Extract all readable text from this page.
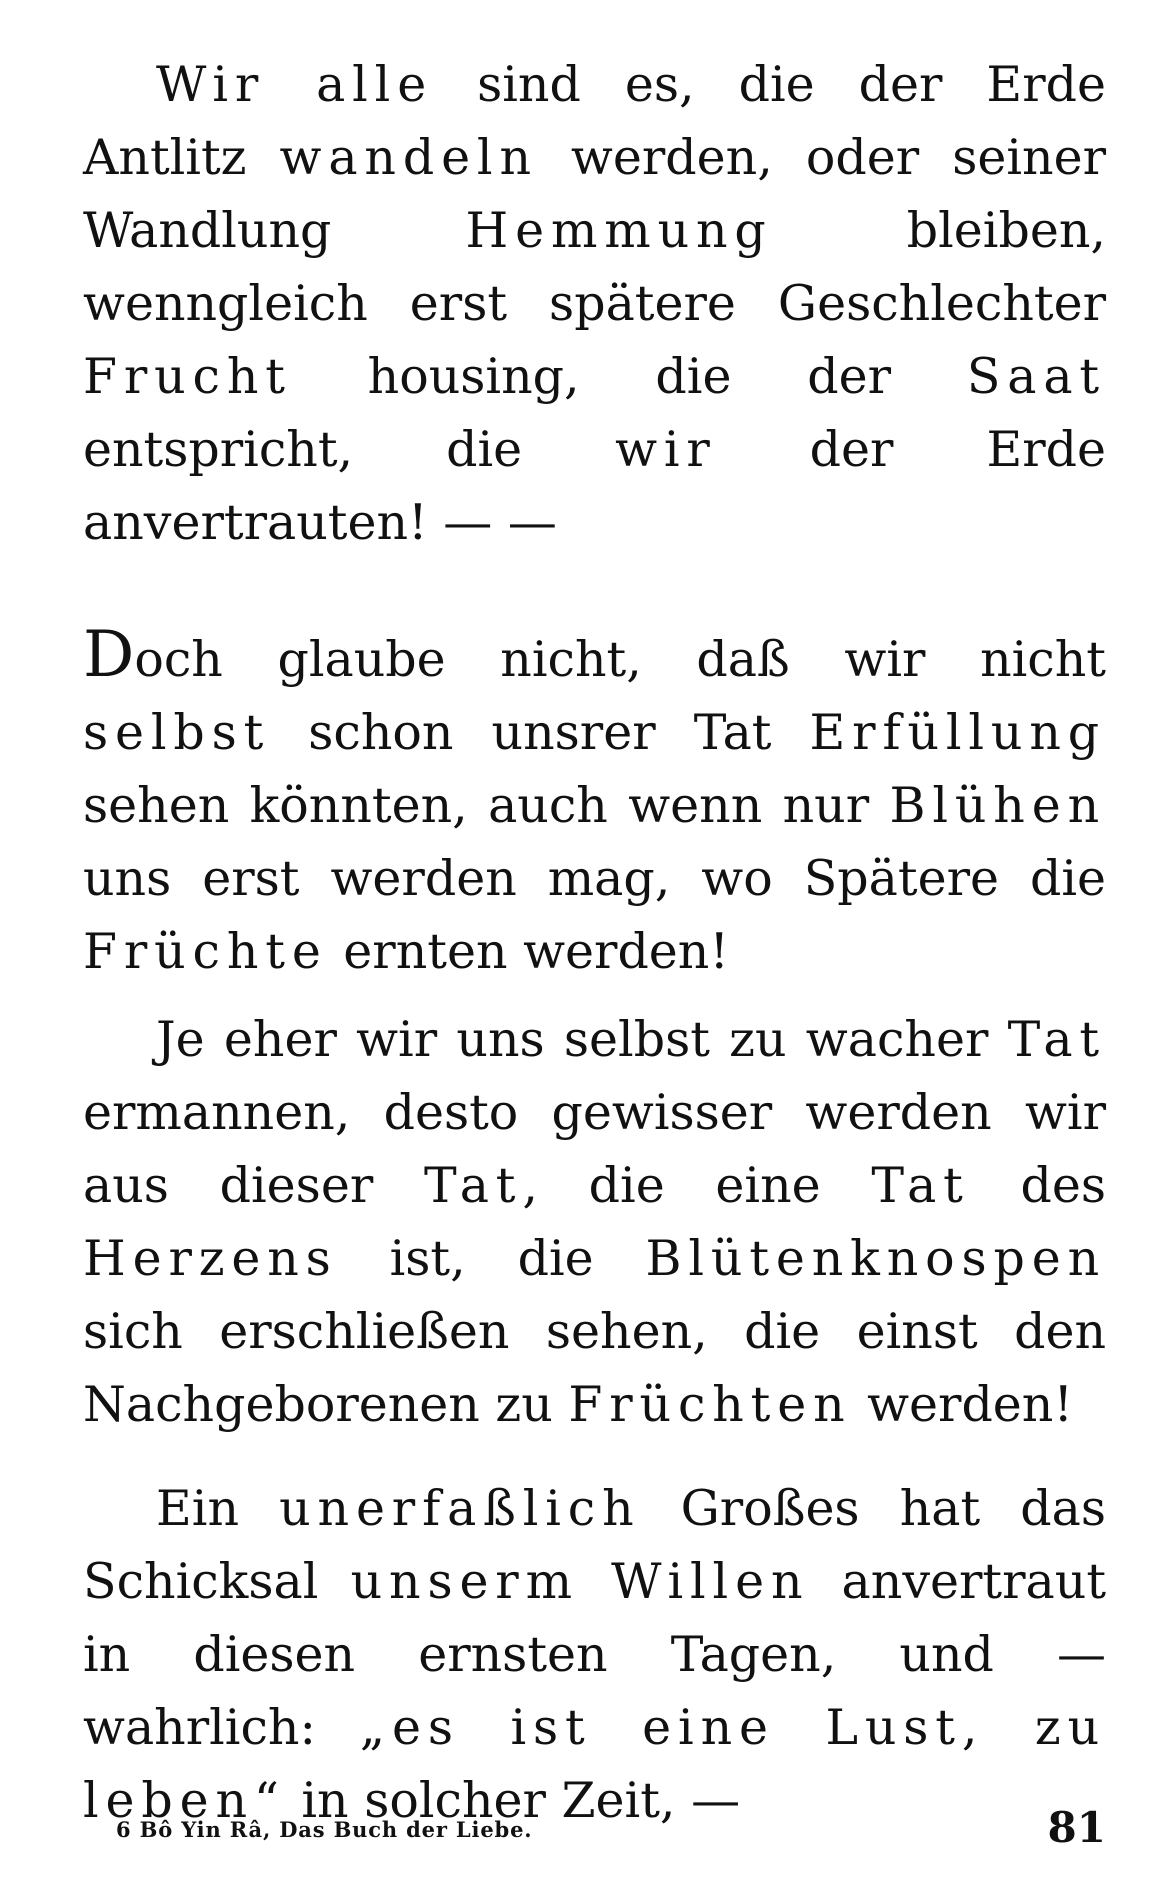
Wir alle sind es, die der Erde Antlitz wandeln werden, oder seiner Wandlung Hemmung bleiben, wenngleich erst spätere Geschlechter Frucht housing, die der Saat entspricht, die wir der Erde anvertrauten! — —

Doch glaube nicht, daß wir nicht selbst schon unsrer Tat Erfüllung sehen könnten, auch wenn nur Blühen uns erst werden mag, wo Spätere die Früchte ernten werden!

Je eher wir uns selbst zu wacher Tat ermannen, desto gewisser werden wir aus dieser Tat, die eine Tat des Herzens ist, die Blütenknospen sich erschließen sehen, die einst den Nachgeborenen zu Früchten werden!

Ein unerfaßlich Großes hat das Schicksal unserm Willen anvertraut in diesen ernsten Tagen, und — wahrlich: „es ist eine Lust, zu leben“ in solcher Zeit, —

6 Bô Yin Râ, Das Buch der Liebe.	81
